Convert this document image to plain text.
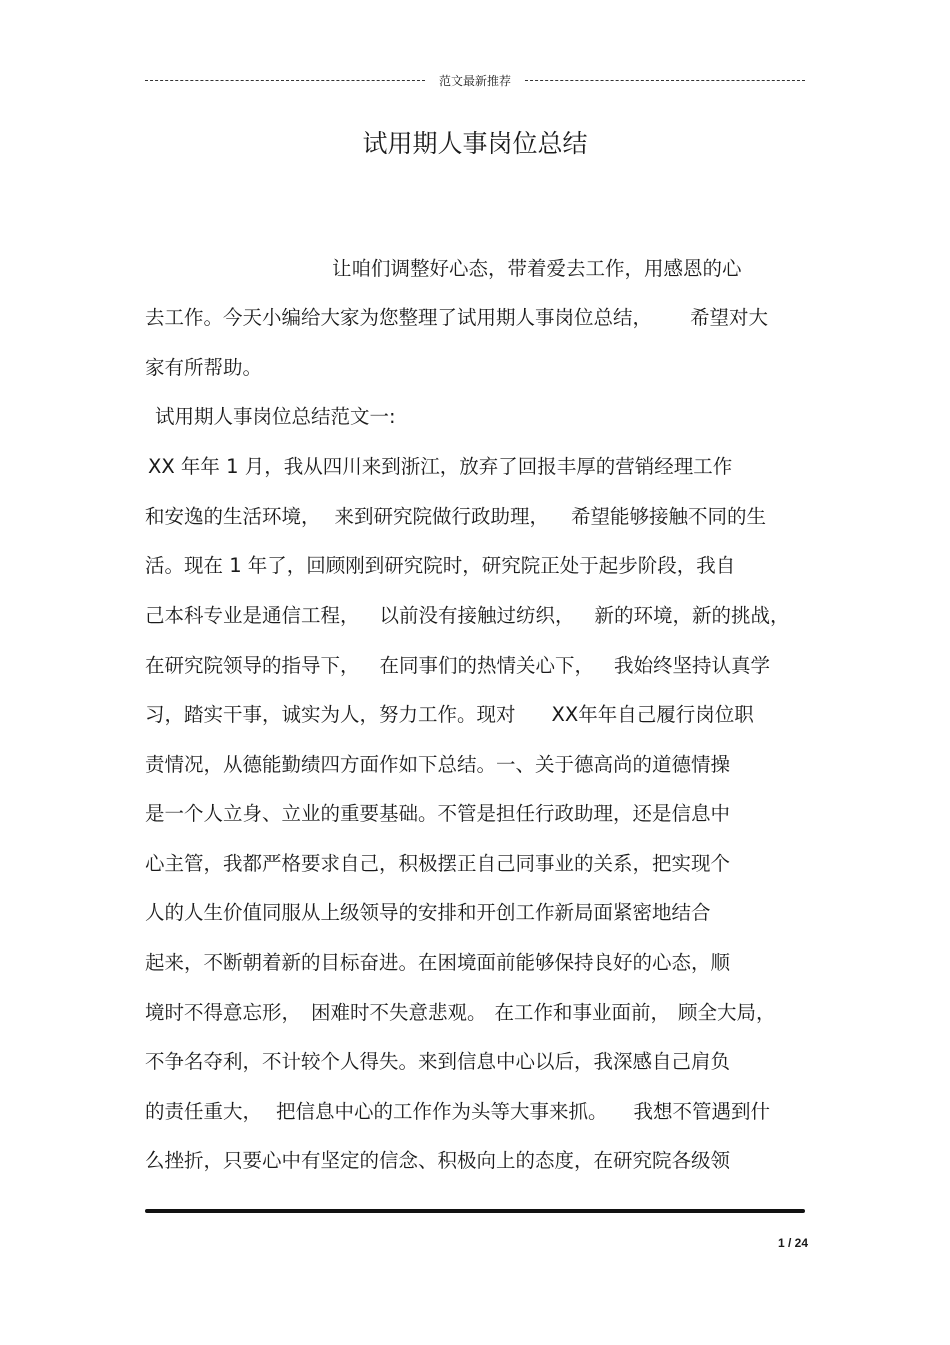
范文最新推荐
试用期人事岗位总结
让咱们调整好心态，带着爱去工作，用感恩的心
去工作。今天小编给大家为您整理了试用期人事岗位总结， 希望对大
家有所帮助。
试用期人事岗位总结范文一:
XX 年年 1 月，我从四川来到浙江，放弃了回报丰厚的营销经理工作
和安逸的生活环境， 来到研究院做行政助理， 希望能够接触不同的生
活。现在 1 年了，回顾刚到研究院时，研究院正处于起步阶段，我自
己本科专业是通信工程， 以前没有接触过纺织， 新的环境，新的挑战，
在研究院领导的指导下， 在同事们的热情关心下， 我始终坚持认真学
习，踏实干事，诚实为人，努力工作。现对 XX年年自己履行岗位职
责情况，从德能勤绩四方面作如下总结。一、关于德高尚的道德情操
是一个人立身、立业的重要基础。不管是担任行政助理，还是信息中
心主管，我都严格要求自己，积极摆正自己同事业的关系，把实现个
人的人生价值同服从上级领导的安排和开创工作新局面紧密地结合
起来，不断朝着新的目标奋进。在困境面前能够保持良好的心态，顺
境时不得意忘形， 困难时不失意悲观。 在工作和事业面前， 顾全大局，
不争名夺利，不计较个人得失。来到信息中心以后，我深感自己肩负
的责任重大， 把信息中心的工作作为头等大事来抓。 我想不管遇到什
么挫折，只要心中有坚定的信念、积极向上的态度，在研究院各级领
1 / 24
